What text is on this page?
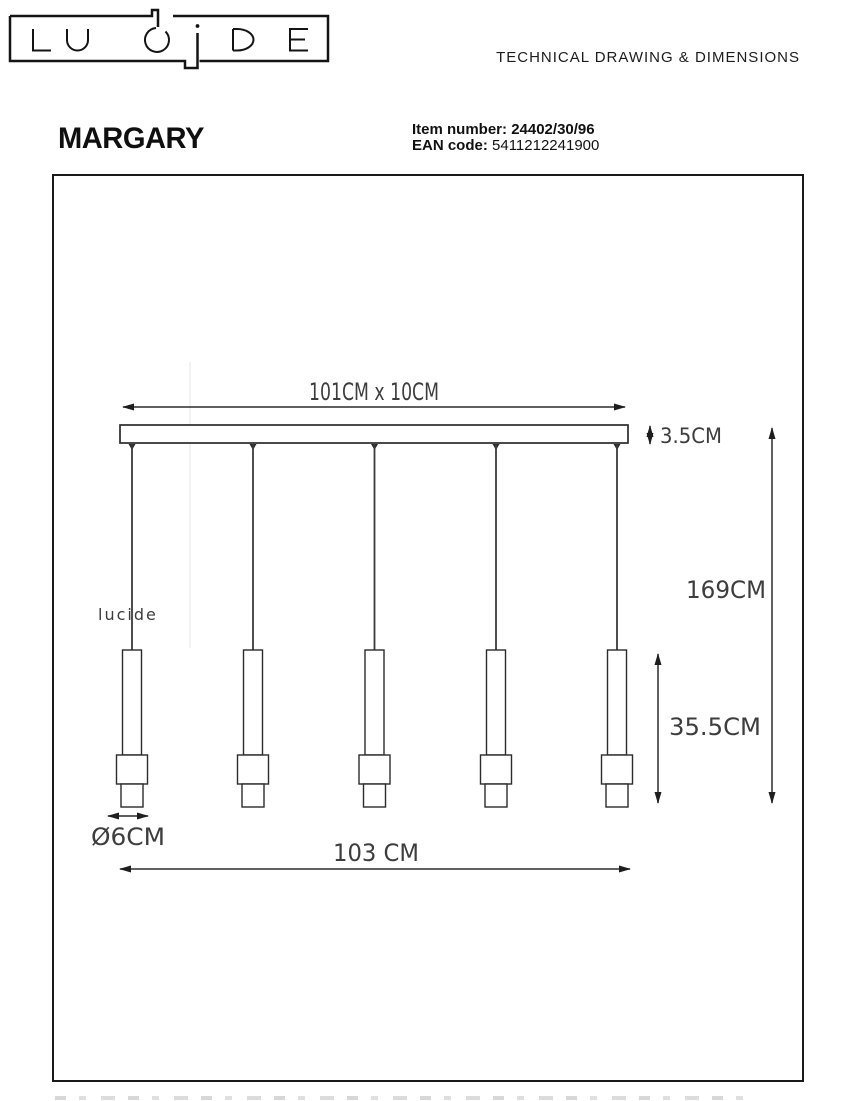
TECHNICAL DRAWING & DIMENSIONS
MARGARY	Item number: 24402/30/96
EAN code: 5411212241900
lucide
101CM x 10CM
3.5CM
169CM
35.5CM
Ø6CM
103 CM
